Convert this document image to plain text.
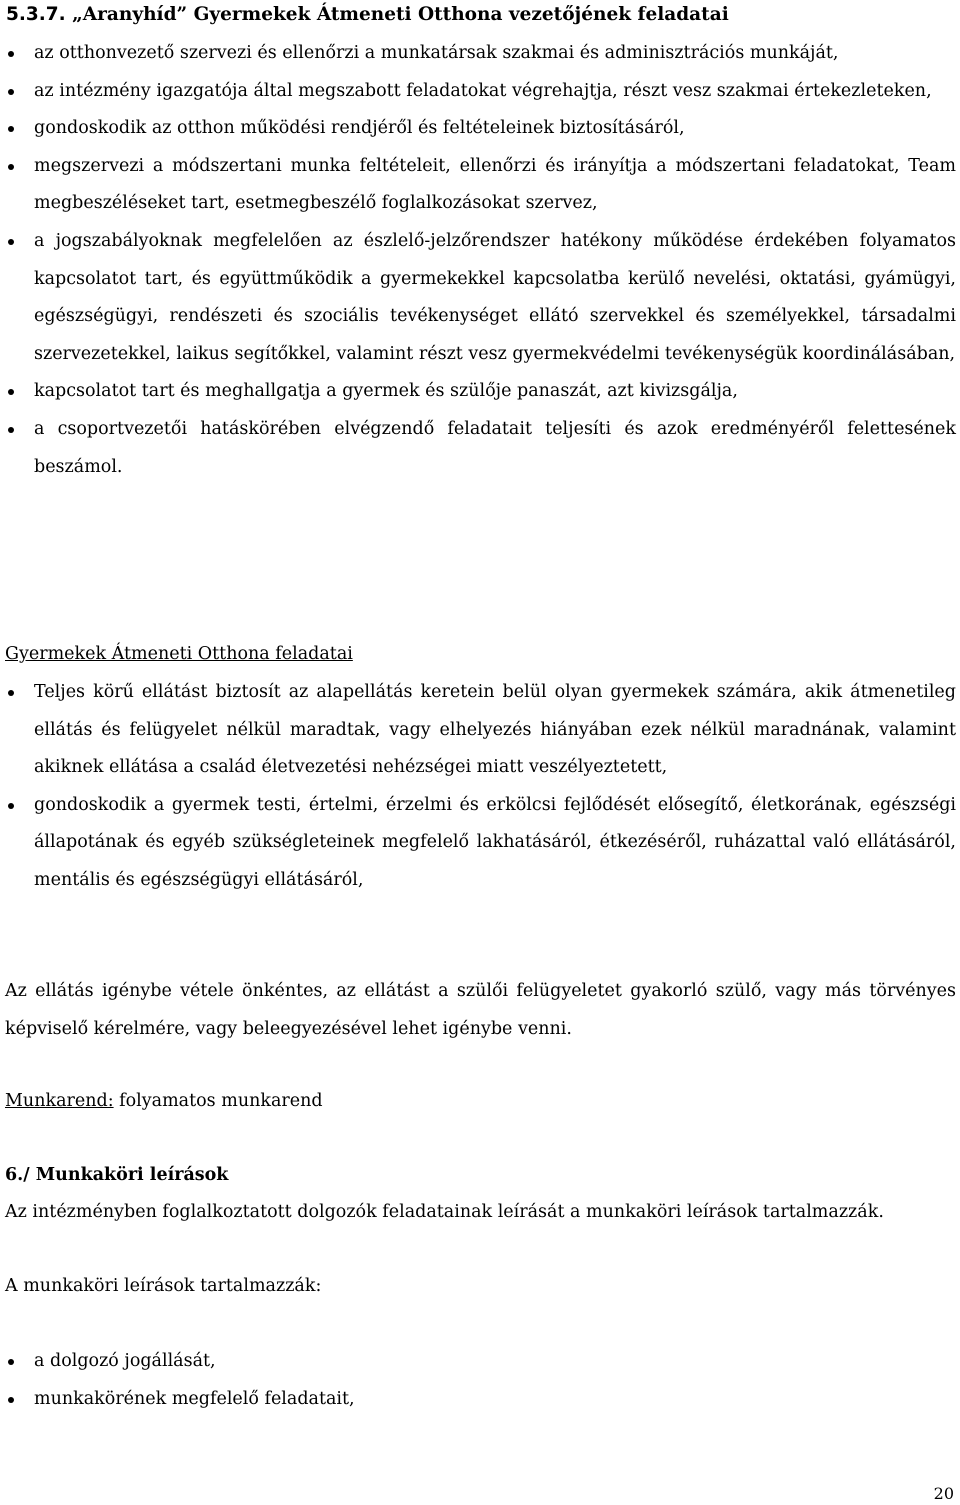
5.3.7. „Aranyhíd” Gyermekek Átmeneti Otthona vezetőjének feladatai
az otthonvezető szervezi és ellenőrzi a munkatársak szakmai és adminisztrációs munkáját,
az intézmény igazgatója által megszabott feladatokat végrehajtja, részt vesz szakmai értekezleteken,
gondoskodik az otthon működési rendjéről és feltételeinek biztosításáról,
megszervezi a módszertani munka feltételeit, ellenőrzi és irányítja a módszertani feladatokat, Team megbeszéléseket tart, esetmegbeszélő foglalkozásokat szervez,
a jogszabályoknak megfelelően az észlelő-jelzőrendszer hatékony működése érdekében folyamatos kapcsolatot tart, és együttműködik a gyermekekkel kapcsolatba kerülő nevelési, oktatási, gyámügyi, egészségügyi, rendészeti és szociális tevékenységet ellátó szervekkel és személyekkel, társadalmi szervezetekkel, laikus segítőkkel, valamint részt vesz gyermekvédelmi tevékenységük koordinálásában,
kapcsolatot tart és meghallgatja a gyermek és szülője panaszát, azt kivizsgálja,
a csoportvezetői hatáskörében elvégzendő feladatait teljesíti és azok eredményéről felettesének beszámol.
Gyermekek Átmeneti Otthona feladatai
Teljes körű ellátást biztosít az alapellátás keretein belül olyan gyermekek számára, akik átmenetileg ellátás és felügyelet nélkül maradtak, vagy elhelyezés hiányában ezek nélkül maradnának, valamint akiknek ellátása a család életvezetési nehézségei miatt veszélyeztetett,
gondoskodik a gyermek testi, értelmi, érzelmi és erkölcsi fejlődését elősegítő, életkorának, egészségi állapotának és egyéb szükségleteinek megfelelő lakhatásáról, étkezéséről, ruházattal való ellátásáról, mentális és egészségügyi ellátásáról,
Az ellátás igénybe vétele önkéntes, az ellátást a szülői felügyeletet gyakorló szülő, vagy más törvényes képviselő kérelmére, vagy beleegyezésével lehet igénybe venni.
Munkarend: folyamatos munkarend
6./ Munkaköri leírások
Az intézményben foglalkoztatott dolgozók feladatainak leírását a munkaköri leírások tartalmazzák.
A munkaköri leírások tartalmazzák:
a dolgozó jogállását,
munkakörének megfelelő feladatait,
20
